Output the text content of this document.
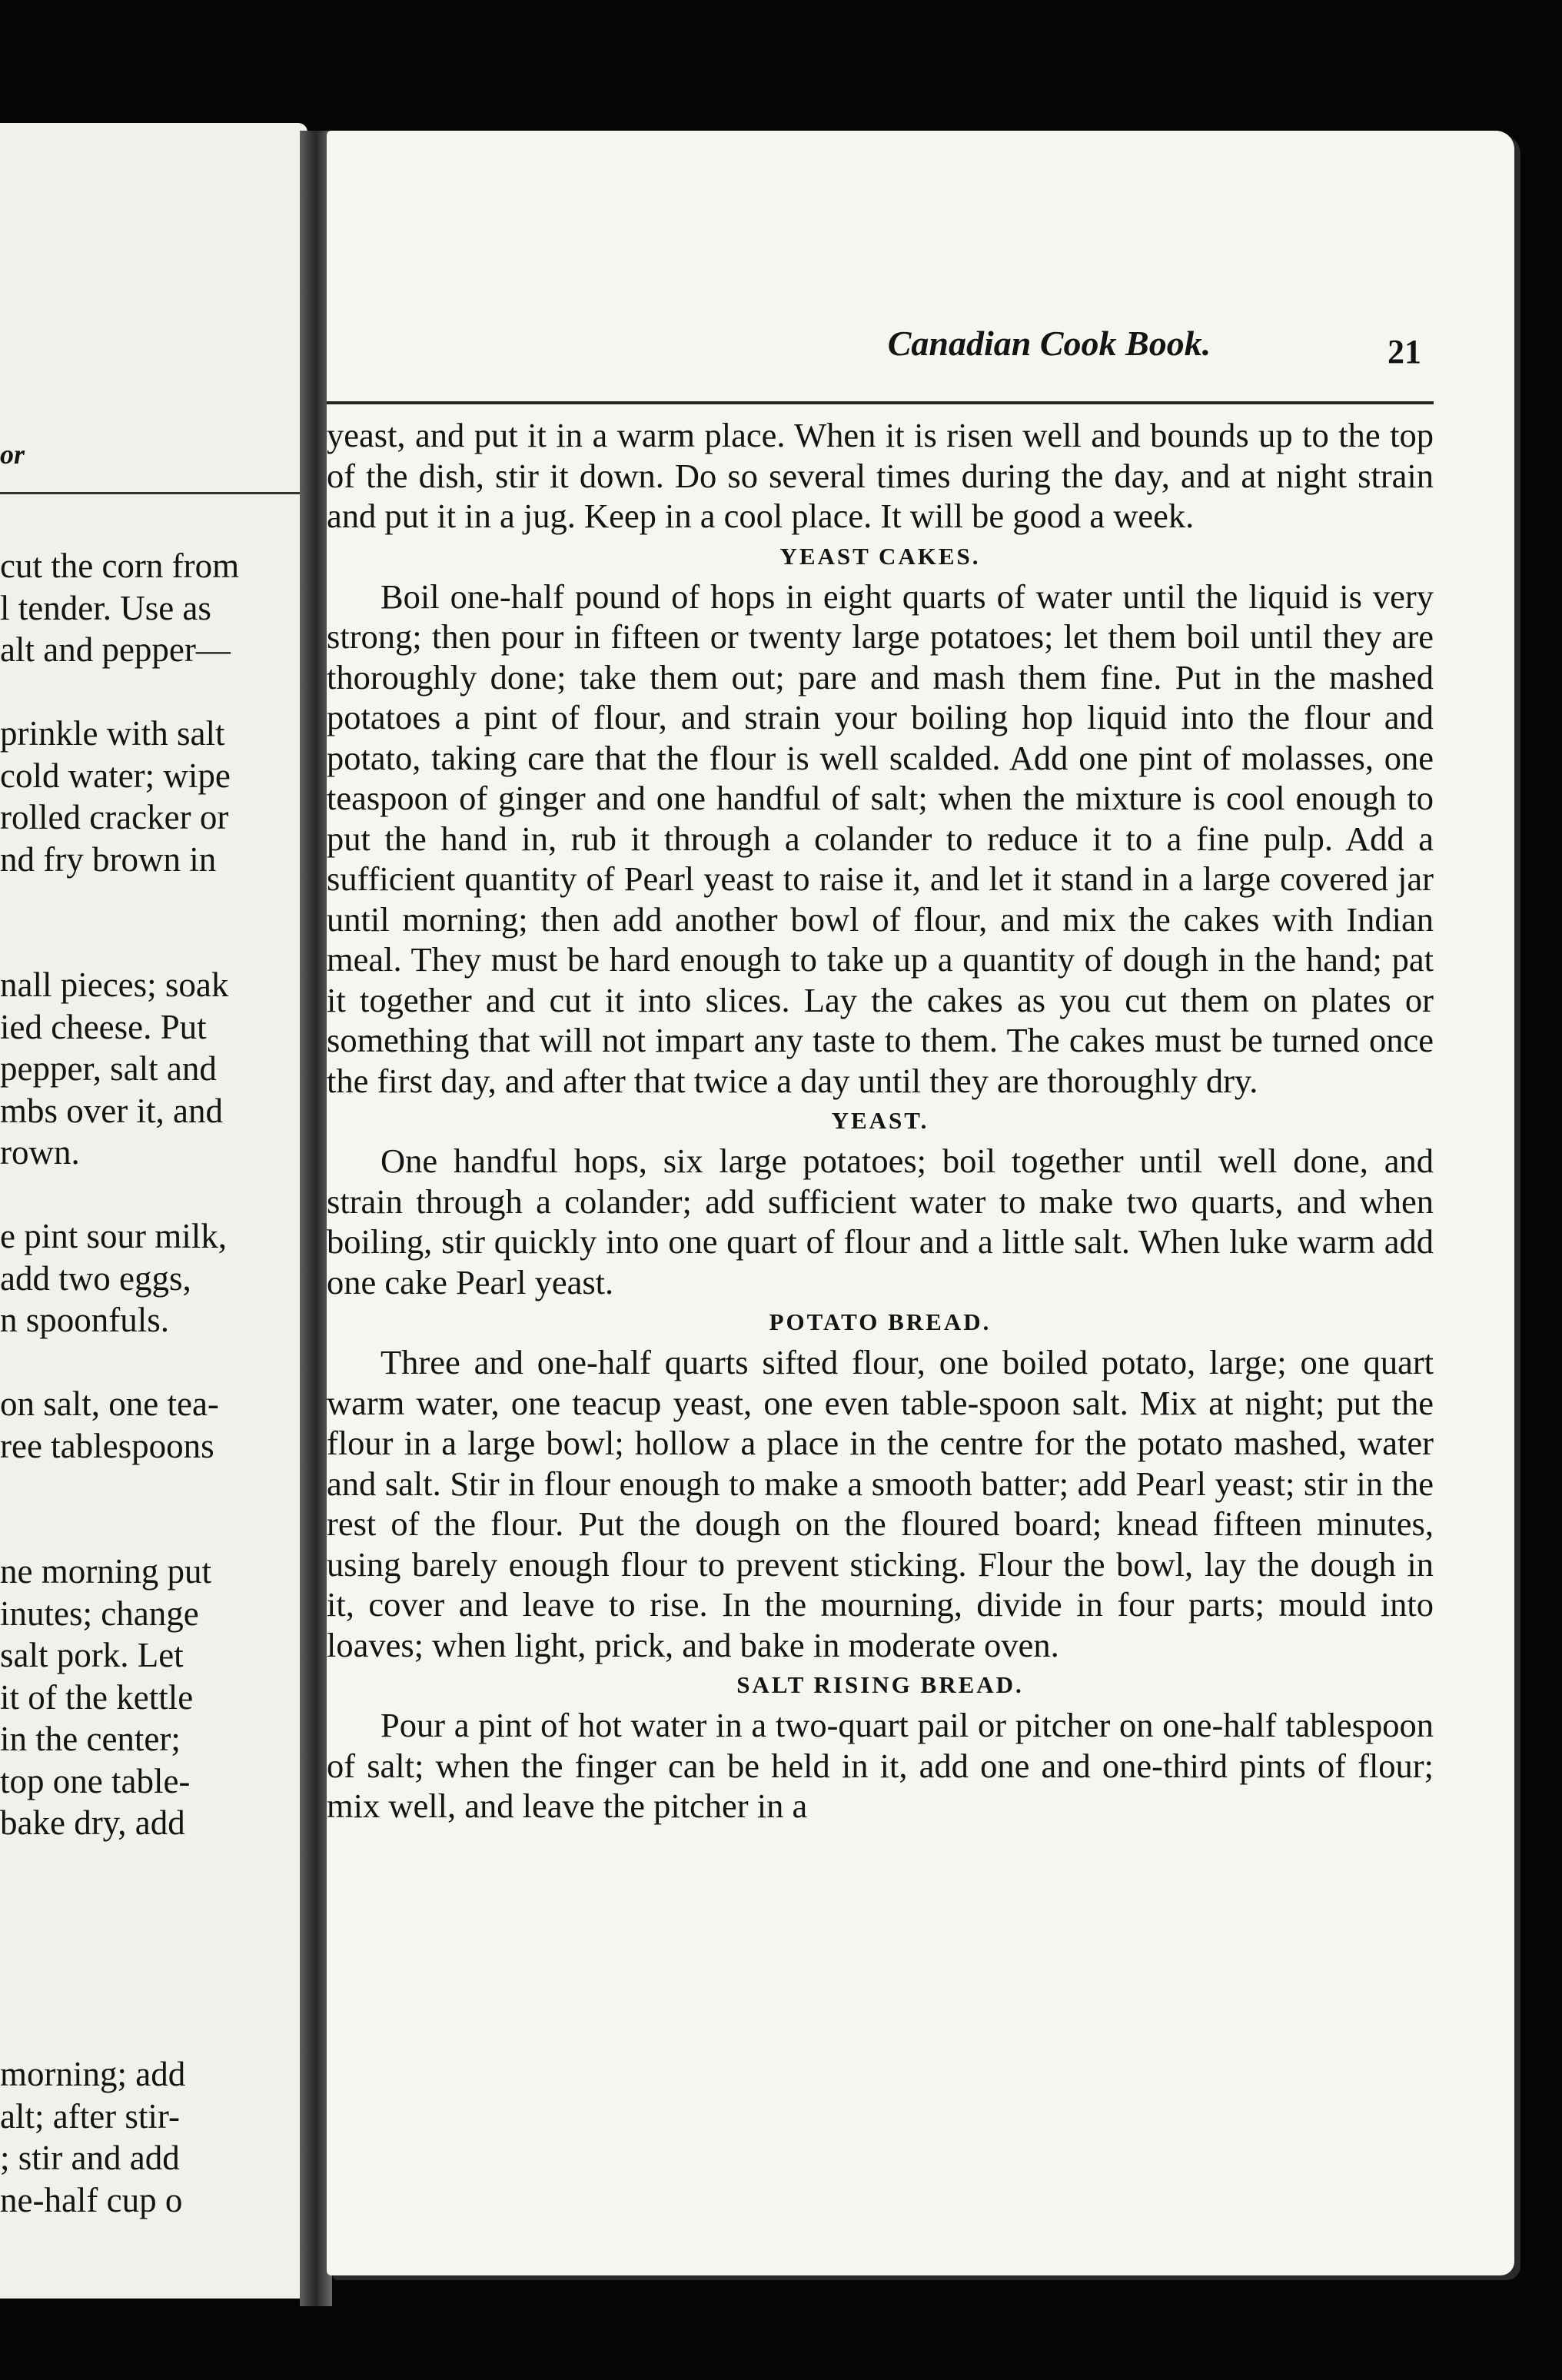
or
cut the corn from
l tender. Use as
alt and pepper—
prinkle with salt
cold water; wipe
rolled cracker or
nd fry brown in
nall pieces; soak
ied cheese. Put
pepper, salt and
mbs over it, and
rown.
e pint sour milk,
add two eggs,
n spoonfuls.
on salt, one tea-
ree tablespoons
ne morning put
inutes; change
salt pork. Let
it of the kettle
in the center;
top one table-
bake dry, add
morning; add
alt; after stir-
; stir and add
ne-half cup o
Canadian Cook Book.	21

yeast, and put it in a warm place. When it is risen well and bounds up to the top of the dish, stir it down. Do so several times during the day, and at night strain and put it in a jug. Keep in a cool place. It will be good a week.

YEAST CAKES.

Boil one-half pound of hops in eight quarts of water until the liquid is very strong; then pour in fifteen or twenty large potatoes; let them boil until they are thoroughly done; take them out; pare and mash them fine. Put in the mashed potatoes a pint of flour, and strain your boiling hop liquid into the flour and potato, taking care that the flour is well scalded. Add one pint of molasses, one teaspoon of ginger and one handful of salt; when the mixture is cool enough to put the hand in, rub it through a colander to reduce it to a fine pulp. Add a sufficient quantity of Pearl yeast to raise it, and let it stand in a large covered jar until morning; then add another bowl of flour, and mix the cakes with Indian meal. They must be hard enough to take up a quantity of dough in the hand; pat it together and cut it into slices. Lay the cakes as you cut them on plates or something that will not impart any taste to them. The cakes must be turned once the first day, and after that twice a day until they are thoroughly dry.

YEAST.

One handful hops, six large potatoes; boil together until well done, and strain through a colander; add sufficient water to make two quarts, and when boiling, stir quickly into one quart of flour and a little salt. When luke warm add one cake Pearl yeast.

POTATO BREAD.

Three and one-half quarts sifted flour, one boiled potato, large; one quart warm water, one teacup yeast, one even table-spoon salt. Mix at night; put the flour in a large bowl; hollow a place in the centre for the potato mashed, water and salt. Stir in flour enough to make a smooth batter; add Pearl yeast; stir in the rest of the flour. Put the dough on the floured board; knead fifteen minutes, using barely enough flour to prevent sticking. Flour the bowl, lay the dough in it, cover and leave to rise. In the mourning, divide in four parts; mould into loaves; when light, prick, and bake in moderate oven.

SALT RISING BREAD.

Pour a pint of hot water in a two-quart pail or pitcher on one-half tablespoon of salt; when the finger can be held in it, add one and one-third pints of flour; mix well, and leave the pitcher in a
